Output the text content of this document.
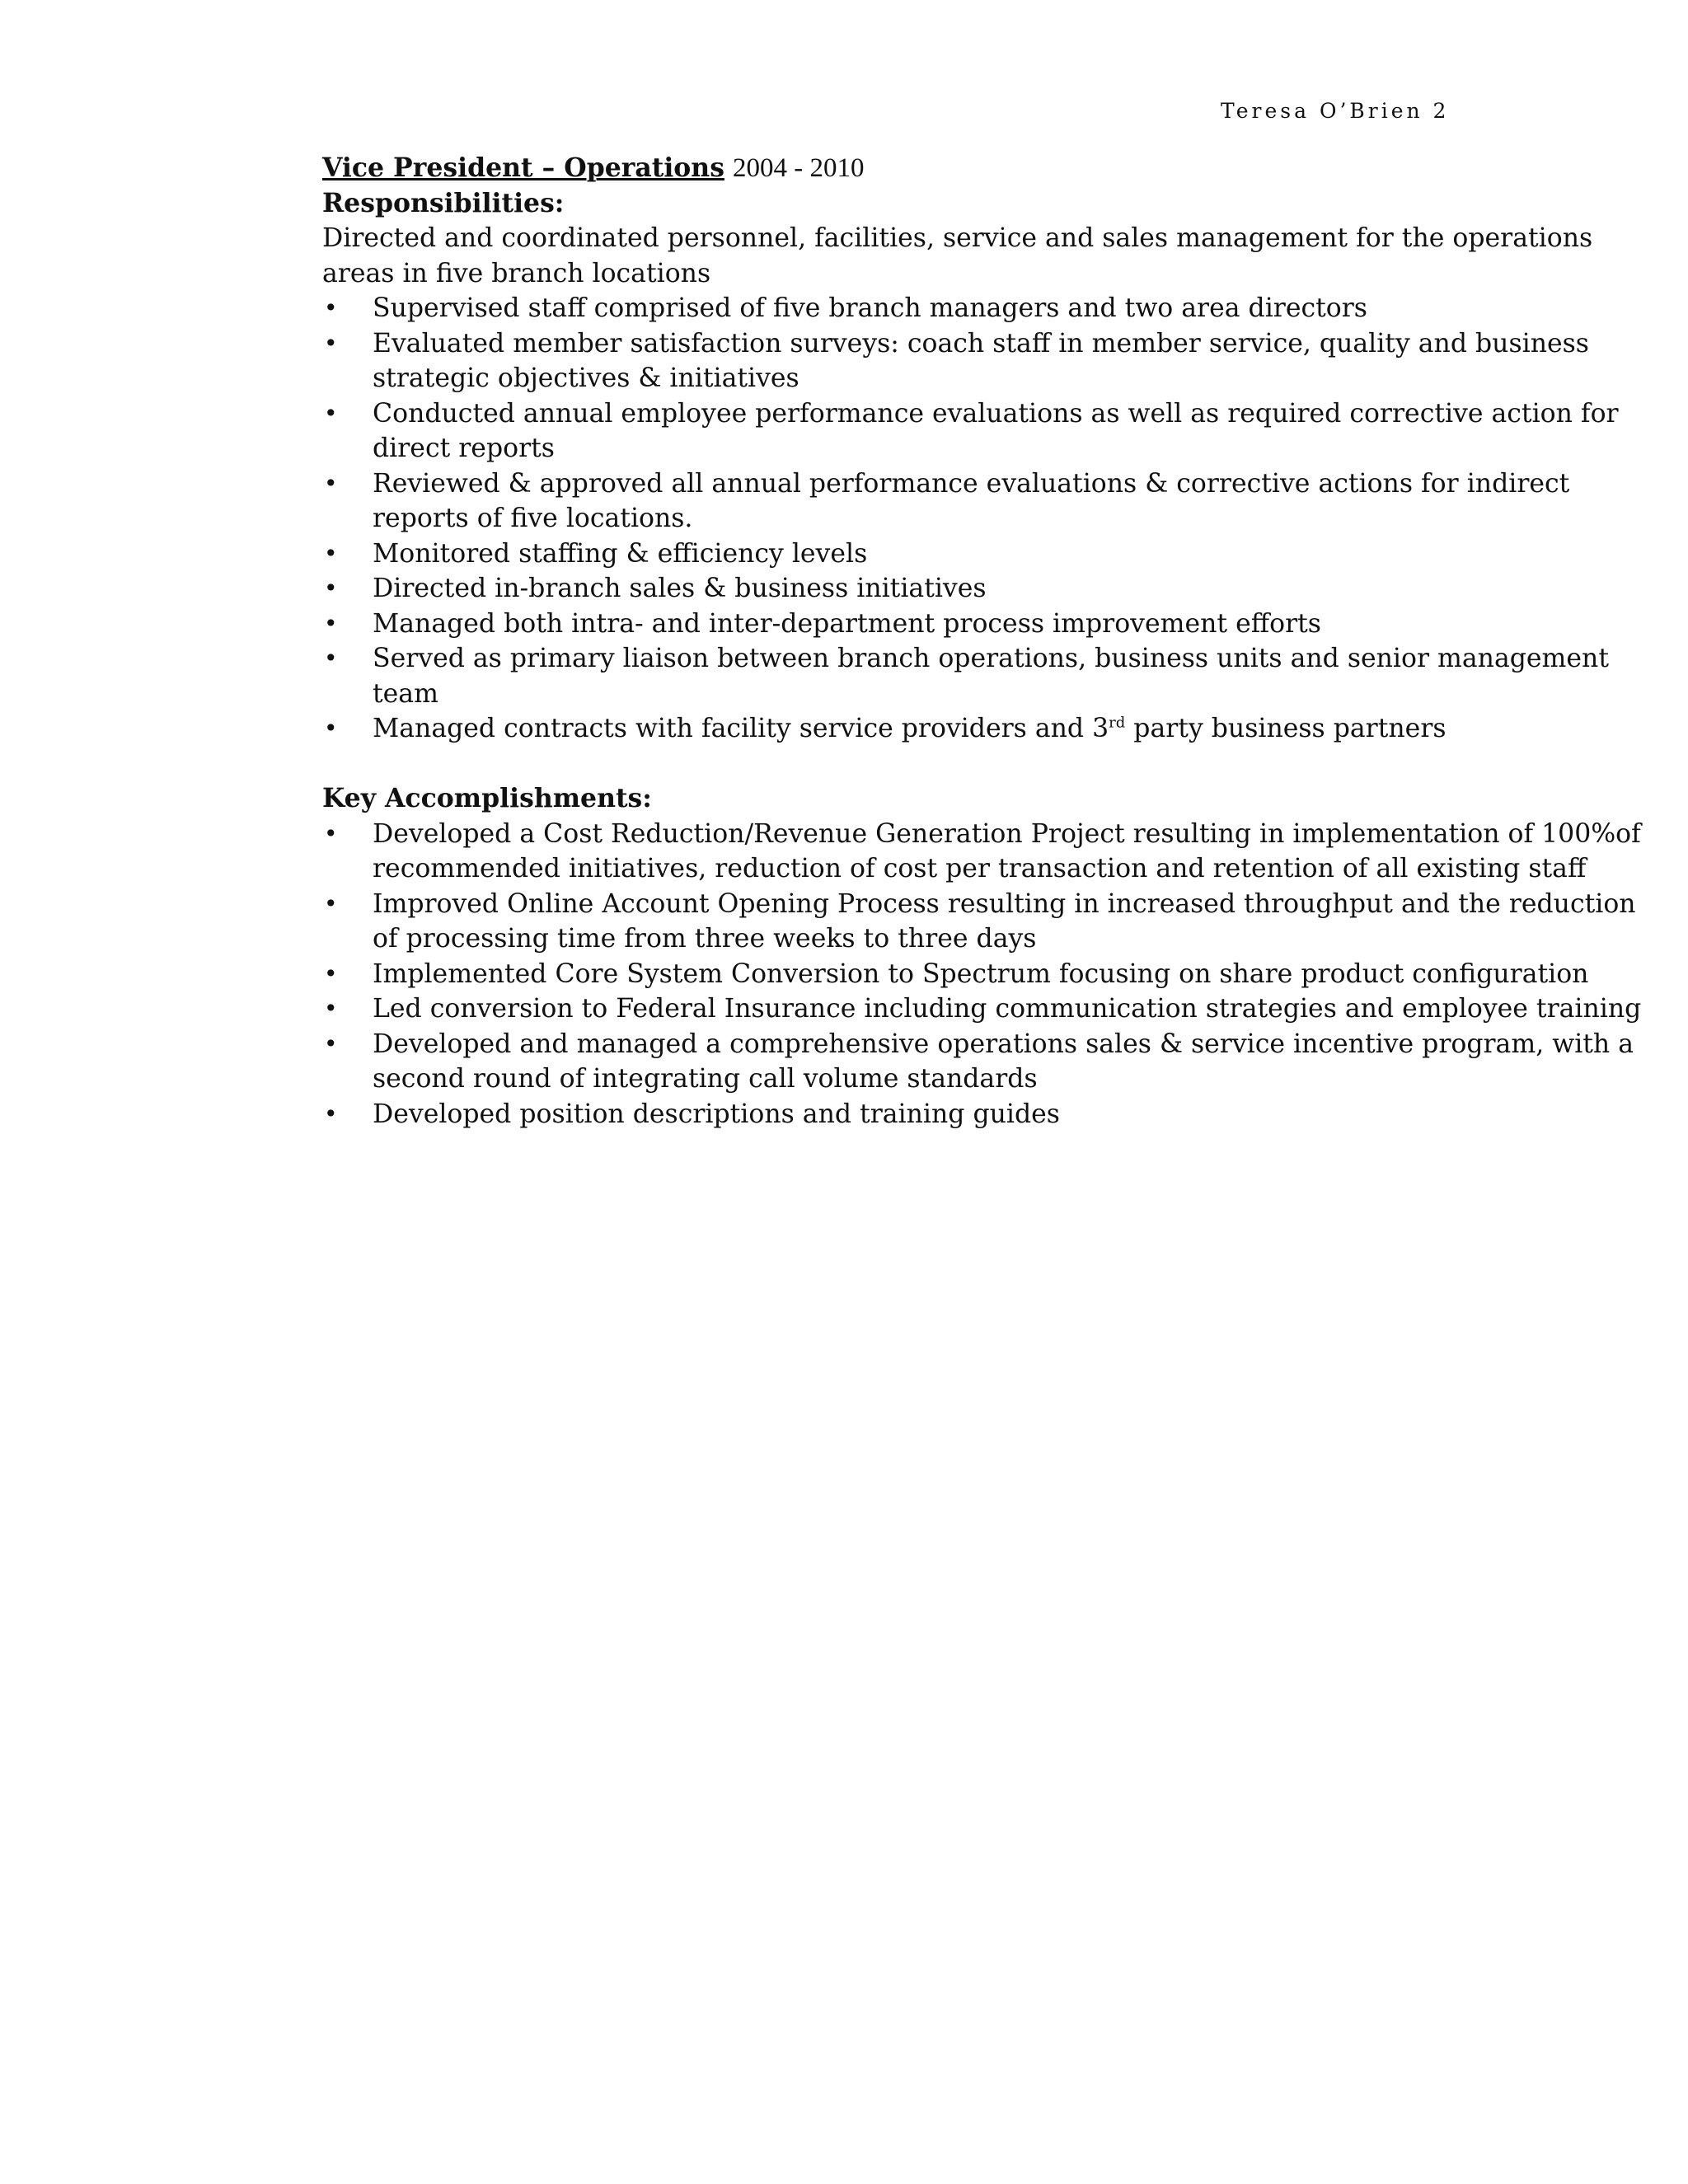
Teresa O’Brien 2
Vice President – Operations 2004 - 2010
Responsibilities:
Directed and coordinated personnel, facilities, service and sales management for the operations
areas in five branch locations
• Supervised staff comprised of five branch managers and two area directors
• Evaluated member satisfaction surveys: coach staff in member service, quality and business
strategic objectives & initiatives
• Conducted annual employee performance evaluations as well as required corrective action for
direct reports
• Reviewed & approved all annual performance evaluations & corrective actions for indirect
reports of five locations.
• Monitored staffing & efficiency levels
• Directed in-branch sales & business initiatives
• Managed both intra- and inter-department process improvement efforts
• Served as primary liaison between branch operations, business units and senior management
team
• Managed contracts with facility service providers and 3rd party business partners
Key Accomplishments:
• Developed a Cost Reduction/Revenue Generation Project resulting in implementation of 100%of
recommended initiatives, reduction of cost per transaction and retention of all existing staff
• Improved Online Account Opening Process resulting in increased throughput and the reduction
of processing time from three weeks to three days
• Implemented Core System Conversion to Spectrum focusing on share product configuration
• Led conversion to Federal Insurance including communication strategies and employee training
• Developed and managed a comprehensive operations sales & service incentive program, with a
second round of integrating call volume standards
• Developed position descriptions and training guides
